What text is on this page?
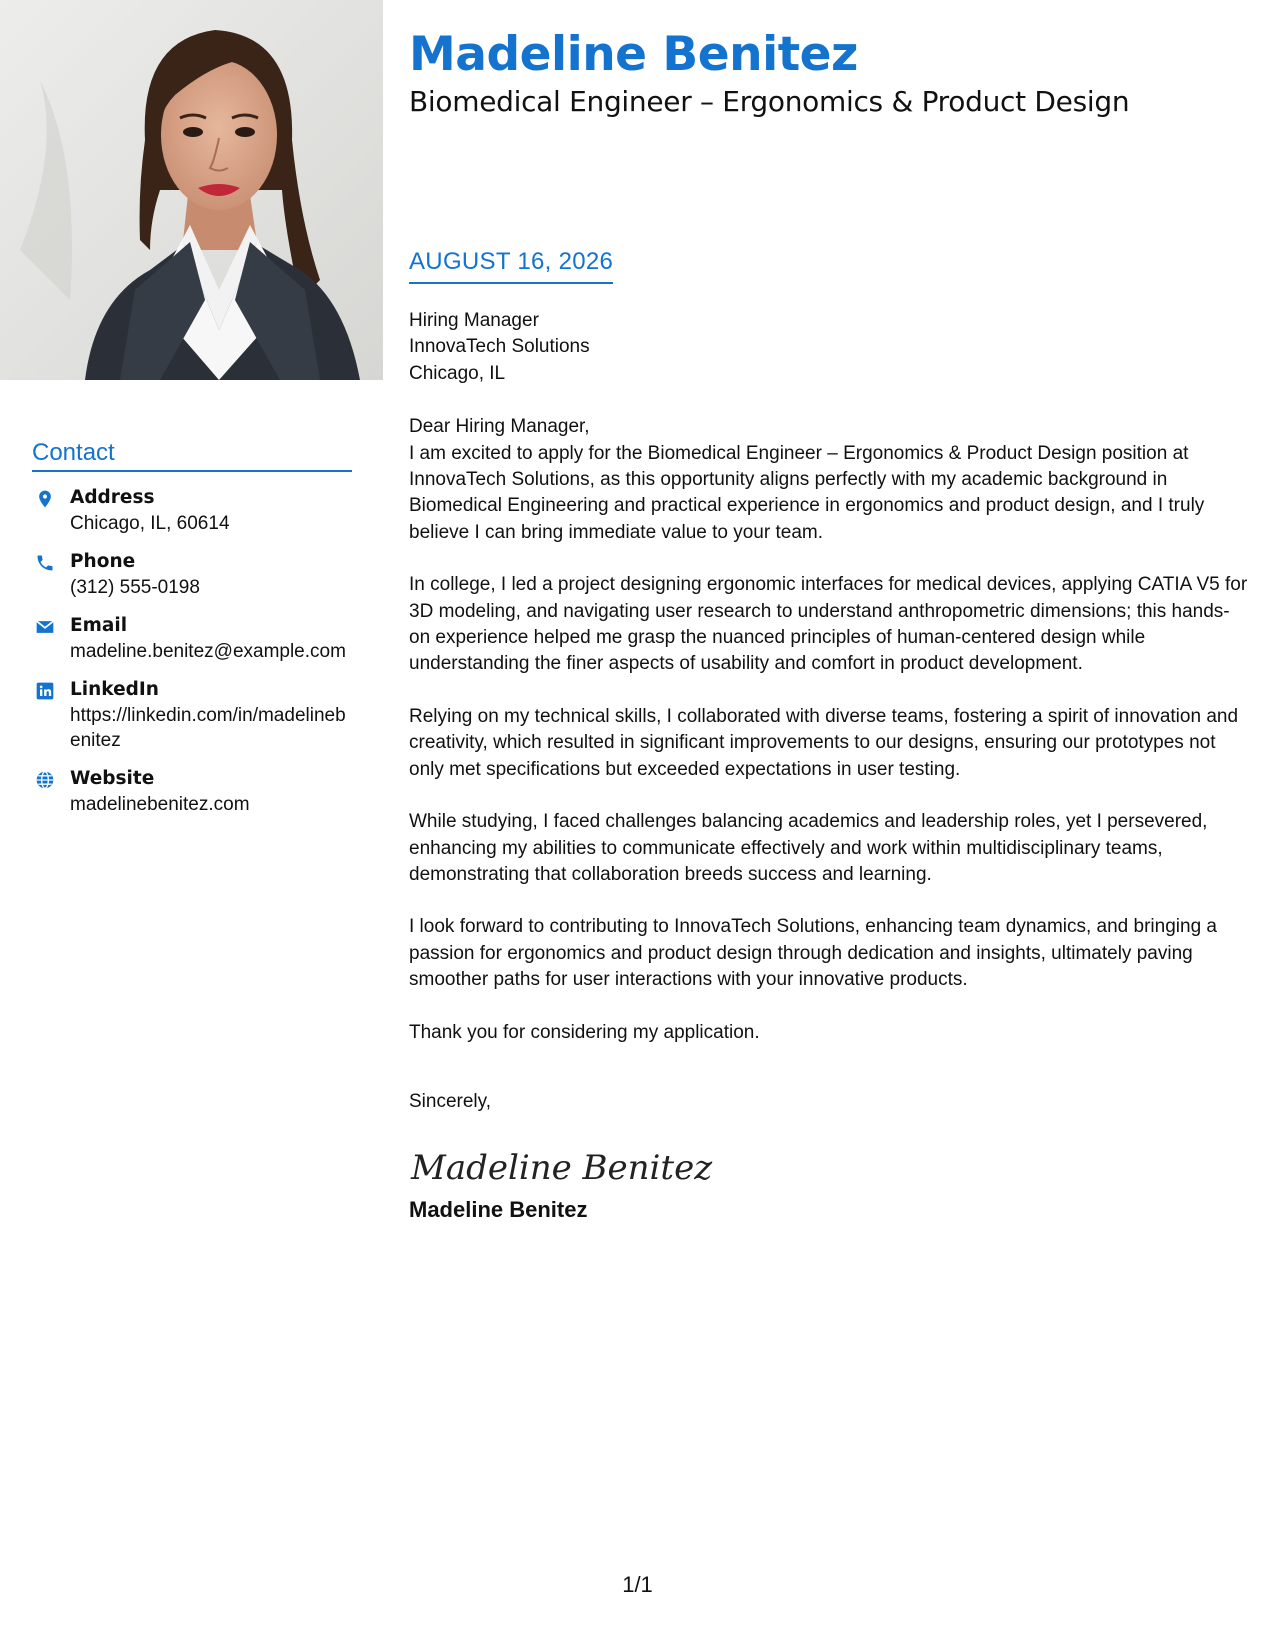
Madeline Benitez
Biomedical Engineer – Ergonomics & Product Design
AUGUST 16, 2026
Contact
Address
Chicago, IL, 60614
Phone
(312) 555-0198
Email
madeline.benitez@example.com
LinkedIn
https://linkedin.com/in/madelinebenitez
Website
madelinebenitez.com

Hiring Manager

InnovaTech Solutions

Chicago, IL

Dear Hiring Manager,

I am excited to apply for the Biomedical Engineer – Ergonomics & Product Design position at InnovaTech Solutions, as this opportunity aligns perfectly with my academic background in Biomedical Engineering and practical experience in ergonomics and product design, and I truly believe I can bring immediate value to your team.

In college, I led a project designing ergonomic interfaces for medical devices, applying CATIA V5 for 3D modeling, and navigating user research to understand anthropometric dimensions; this hands-on experience helped me grasp the nuanced principles of human-centered design while understanding the finer aspects of usability and comfort in product development.

Relying on my technical skills, I collaborated with diverse teams, fostering a spirit of innovation and creativity, which resulted in significant improvements to our designs, ensuring our prototypes not only met specifications but exceeded expectations in user testing.

While studying, I faced challenges balancing academics and leadership roles, yet I persevered, enhancing my abilities to communicate effectively and work within multidisciplinary teams, demonstrating that collaboration breeds success and learning.

I look forward to contributing to InnovaTech Solutions, enhancing team dynamics, and bringing a passion for ergonomics and product design through dedication and insights, ultimately paving smoother paths for user interactions with your innovative products.

Thank you for considering my application.

Sincerely,

Madeline Benitez

Madeline Benitez

1/1
